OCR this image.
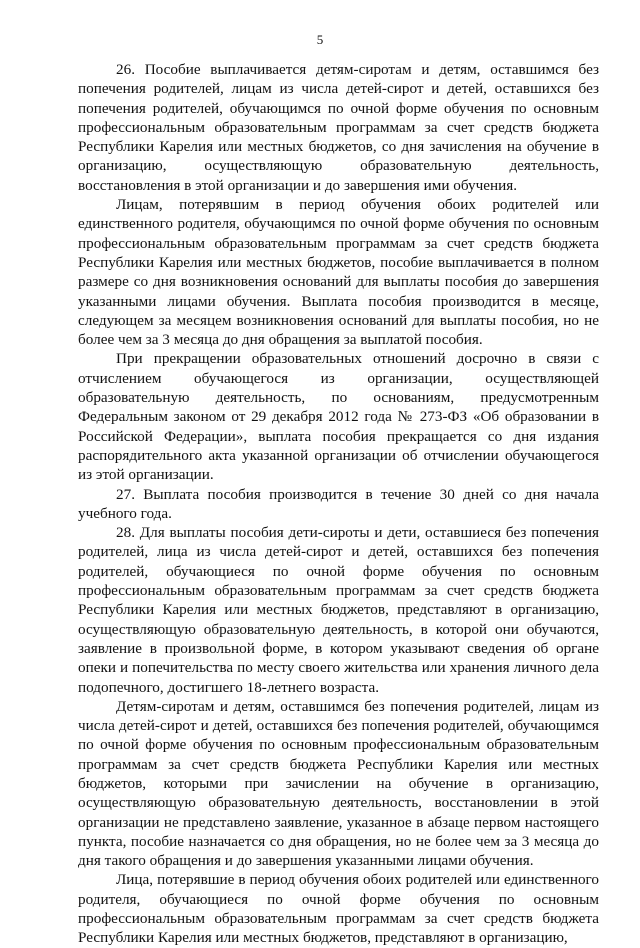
5

26. Пособие выплачивается детям-сиротам и детям, оставшимся без попечения родителей, лицам из числа детей-сирот и детей, оставшихся без попечения родителей, обучающимся по очной форме обучения по основным профессиональным образовательным программам за счет средств бюджета Республики Карелия или местных бюджетов, со дня зачисления на обучение в организацию, осуществляющую образовательную деятельность, восстановления в этой организации и до завершения ими обучения.

Лицам, потерявшим в период обучения обоих родителей или единственного родителя, обучающимся по очной форме обучения по основным профессиональным образовательным программам за счет средств бюджета Республики Карелия или местных бюджетов, пособие выплачивается в полном размере со дня возникновения оснований для выплаты пособия до завершения указанными лицами обучения. Выплата пособия производится в месяце, следующем за месяцем возникновения оснований для выплаты пособия, но не более чем за 3 месяца до дня обращения за выплатой пособия.

При прекращении образовательных отношений досрочно в связи с отчислением обучающегося из организации, осуществляющей образовательную деятельность, по основаниям, предусмотренным Федеральным законом от 29 декабря 2012 года № 273-ФЗ «Об образовании в Российской Федерации», выплата пособия прекращается со дня издания распорядительного акта указанной организации об отчислении обучающегося из этой организации.

27. Выплата пособия производится в течение 30 дней со дня начала учебного года.

28. Для выплаты пособия дети-сироты и дети, оставшиеся без попечения родителей, лица из числа детей-сирот и детей, оставшихся без попечения родителей, обучающиеся по очной форме обучения по основным профессиональным образовательным программам за счет средств бюджета Республики Карелия или местных бюджетов, представляют в организацию, осуществляющую образовательную деятельность, в которой они обучаются, заявление в произвольной форме, в котором указывают сведения об органе опеки и попечительства по месту своего жительства или хранения личного дела подопечного, достигшего 18-летнего возраста.

Детям-сиротам и детям, оставшимся без попечения родителей, лицам из числа детей-сирот и детей, оставшихся без попечения родителей, обучающимся по очной форме обучения по основным профессиональным образовательным программам за счет средств бюджета Республики Карелия или местных бюджетов, которыми при зачислении на обучение в организацию, осуществляющую образовательную деятельность, восстановлении в этой организации не представлено заявление, указанное в абзаце первом настоящего пункта, пособие назначается со дня обращения, но не более чем за 3 месяца до дня такого обращения и до завершения указанными лицами обучения.

Лица, потерявшие в период обучения обоих родителей или единственного родителя, обучающиеся по очной форме обучения по основным профессиональным образовательным программам за счет средств бюджета Республики Карелия или местных бюджетов, представляют в организацию,
